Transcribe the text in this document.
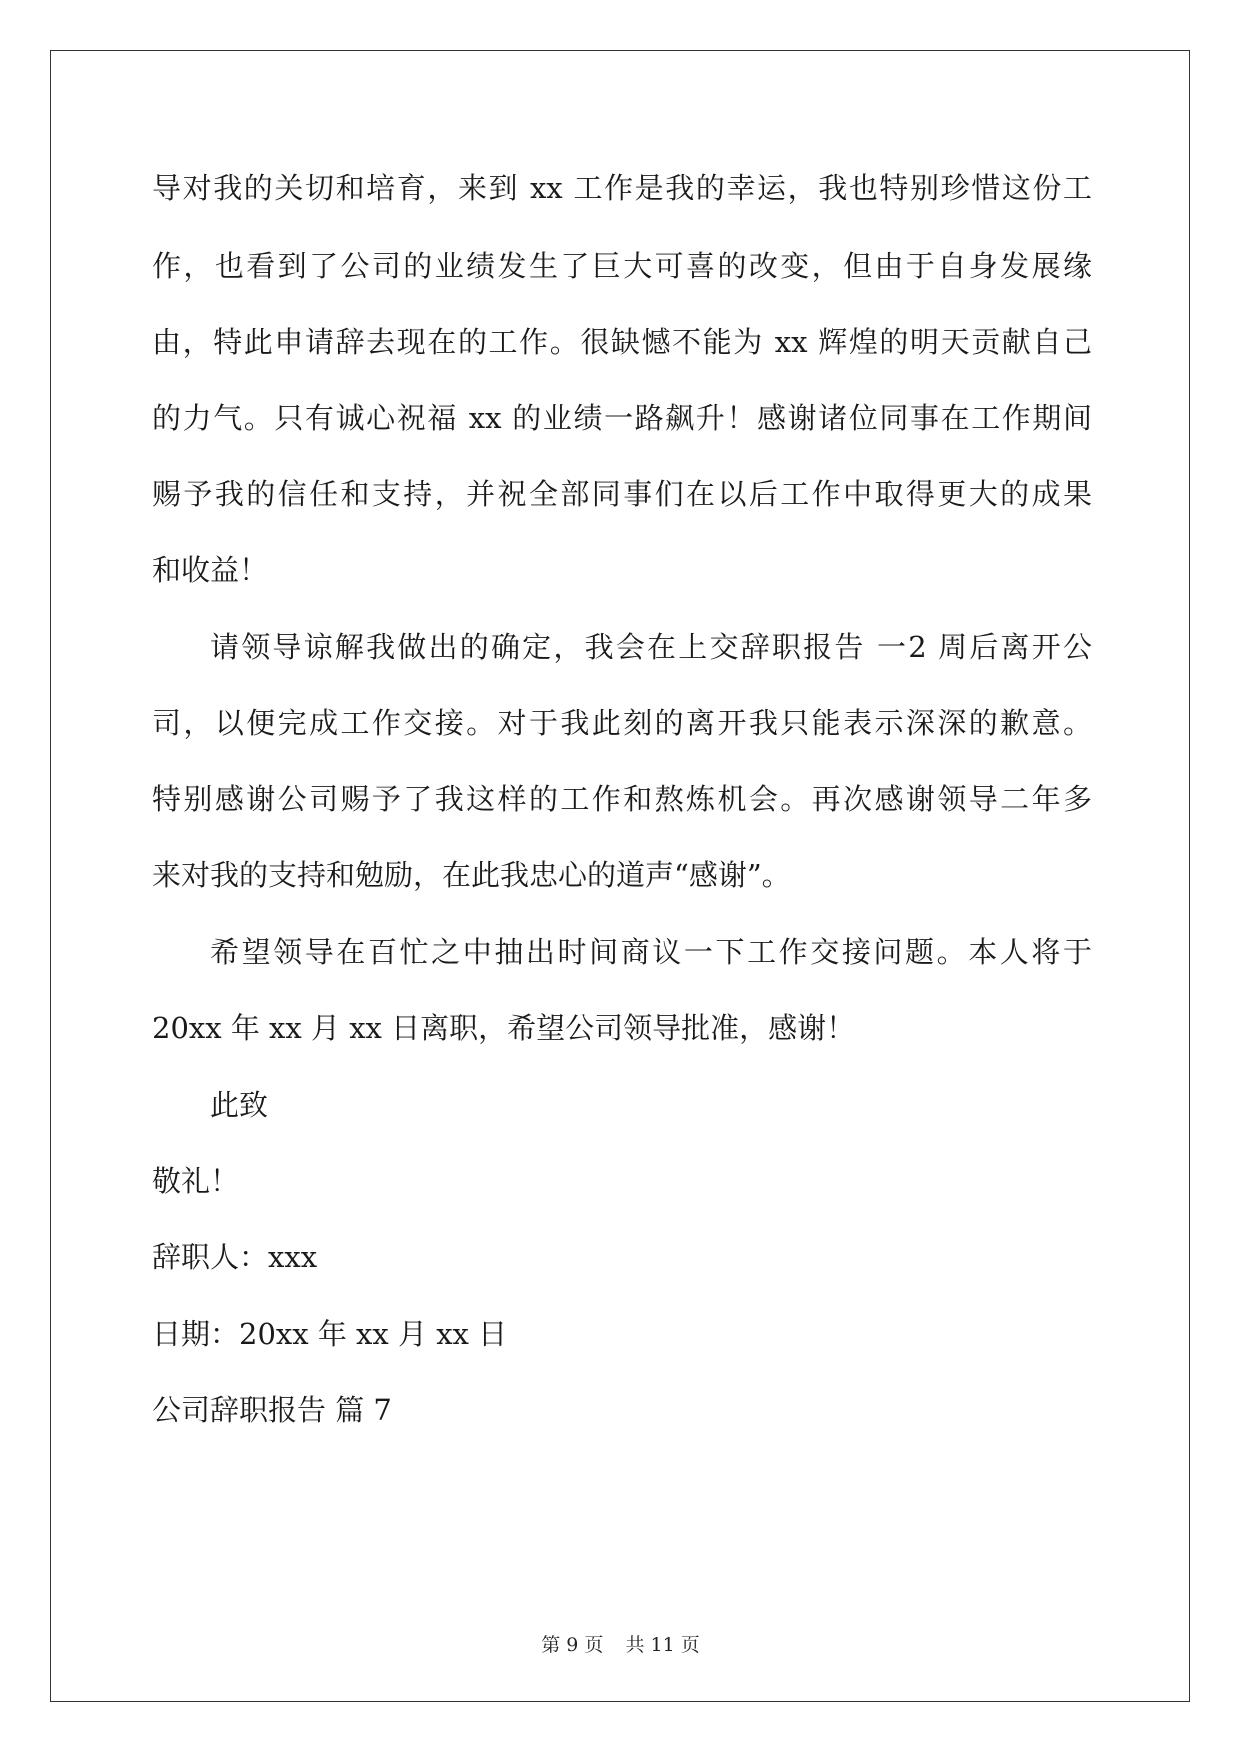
导对我的关切和培育，来到 xx 工作是我的幸运，我也特别珍惜这份工
作，也看到了公司的业绩发生了巨大可喜的改变，但由于自身发展缘
由，特此申请辞去现在的工作。很缺憾不能为 xx 辉煌的明天贡献自己
的力气。只有诚心祝福 xx 的业绩一路飙升！感谢诸位同事在工作期间
赐予我的信任和支持，并祝全部同事们在以后工作中取得更大的成果
和收益！
请领导谅解我做出的确定，我会在上交辞职报告 一2 周后离开公
司，以便完成工作交接。对于我此刻的离开我只能表示深深的歉意。
特别感谢公司赐予了我这样的工作和熬炼机会。再次感谢领导二年多
来对我的支持和勉励，在此我忠心的道声“感谢”。
希望领导在百忙之中抽出时间商议一下工作交接问题。本人将于
20xx 年 xx 月 xx 日离职，希望公司领导批准，感谢！
此致
敬礼！
辞职人：xxx
日期：20xx 年 xx 月 xx 日
公司辞职报告 篇 7
第 9 页 共 11 页
